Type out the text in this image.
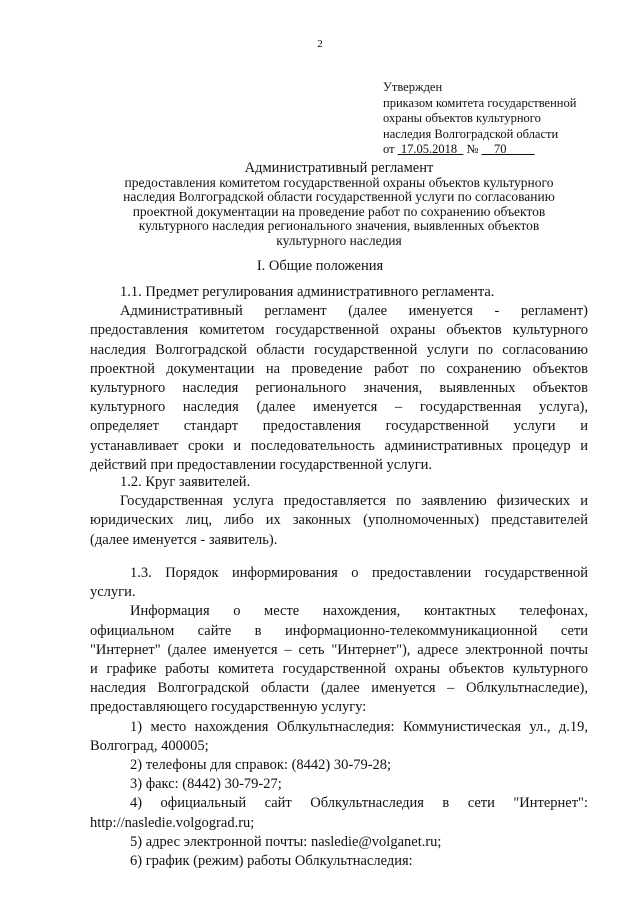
2
Утвержден
приказом комитета государственной
охраны объектов культурного
наследия Волгоградской области
от 17.05.2018 № 70
Административный регламент
предоставления комитетом государственной охраны объектов культурного
наследия Волгоградской области государственной услуги по согласованию
проектной документации на проведение работ по сохранению объектов
культурного наследия регионального значения, выявленных объектов
культурного наследия
I. Общие положения
1.1. Предмет регулирования административного регламента.
Административный регламент (далее именуется - регламент)
предоставления комитетом государственной охраны объектов культурного
наследия Волгоградской области государственной услуги по согласованию
проектной документации на проведение работ по сохранению объектов
культурного наследия регионального значения, выявленных объектов
культурного наследия (далее именуется – государственная услуга),
определяет стандарт предоставления государственной услуги и
устанавливает сроки и последовательность административных процедур и
действий при предоставлении государственной услуги.
1.2. Круг заявителей.
Государственная услуга предоставляется по заявлению физических и
юридических лиц, либо их законных (уполномоченных) представителей
(далее именуется - заявитель).
1.3. Порядок информирования о предоставлении государственной
услуги.
Информация о месте нахождения, контактных телефонах,
официальном сайте в информационно-телекоммуникационной сети
"Интернет" (далее именуется – сеть "Интернет"), адресе электронной почты
и графике работы комитета государственной охраны объектов культурного
наследия Волгоградской области (далее именуется – Облкультнаследие),
предоставляющего государственную услугу:
1) место нахождения Облкультнаследия: Коммунистическая ул., д.19,
Волгоград, 400005;
2) телефоны для справок: (8442) 30-79-28;
3) факс: (8442) 30-79-27;
4) официальный сайт Облкультнаследия в сети "Интернет":
http://nasledie.volgograd.ru;
5) адрес электронной почты: nasledie@volganet.ru;
6) график (режим) работы Облкультнаследия:
